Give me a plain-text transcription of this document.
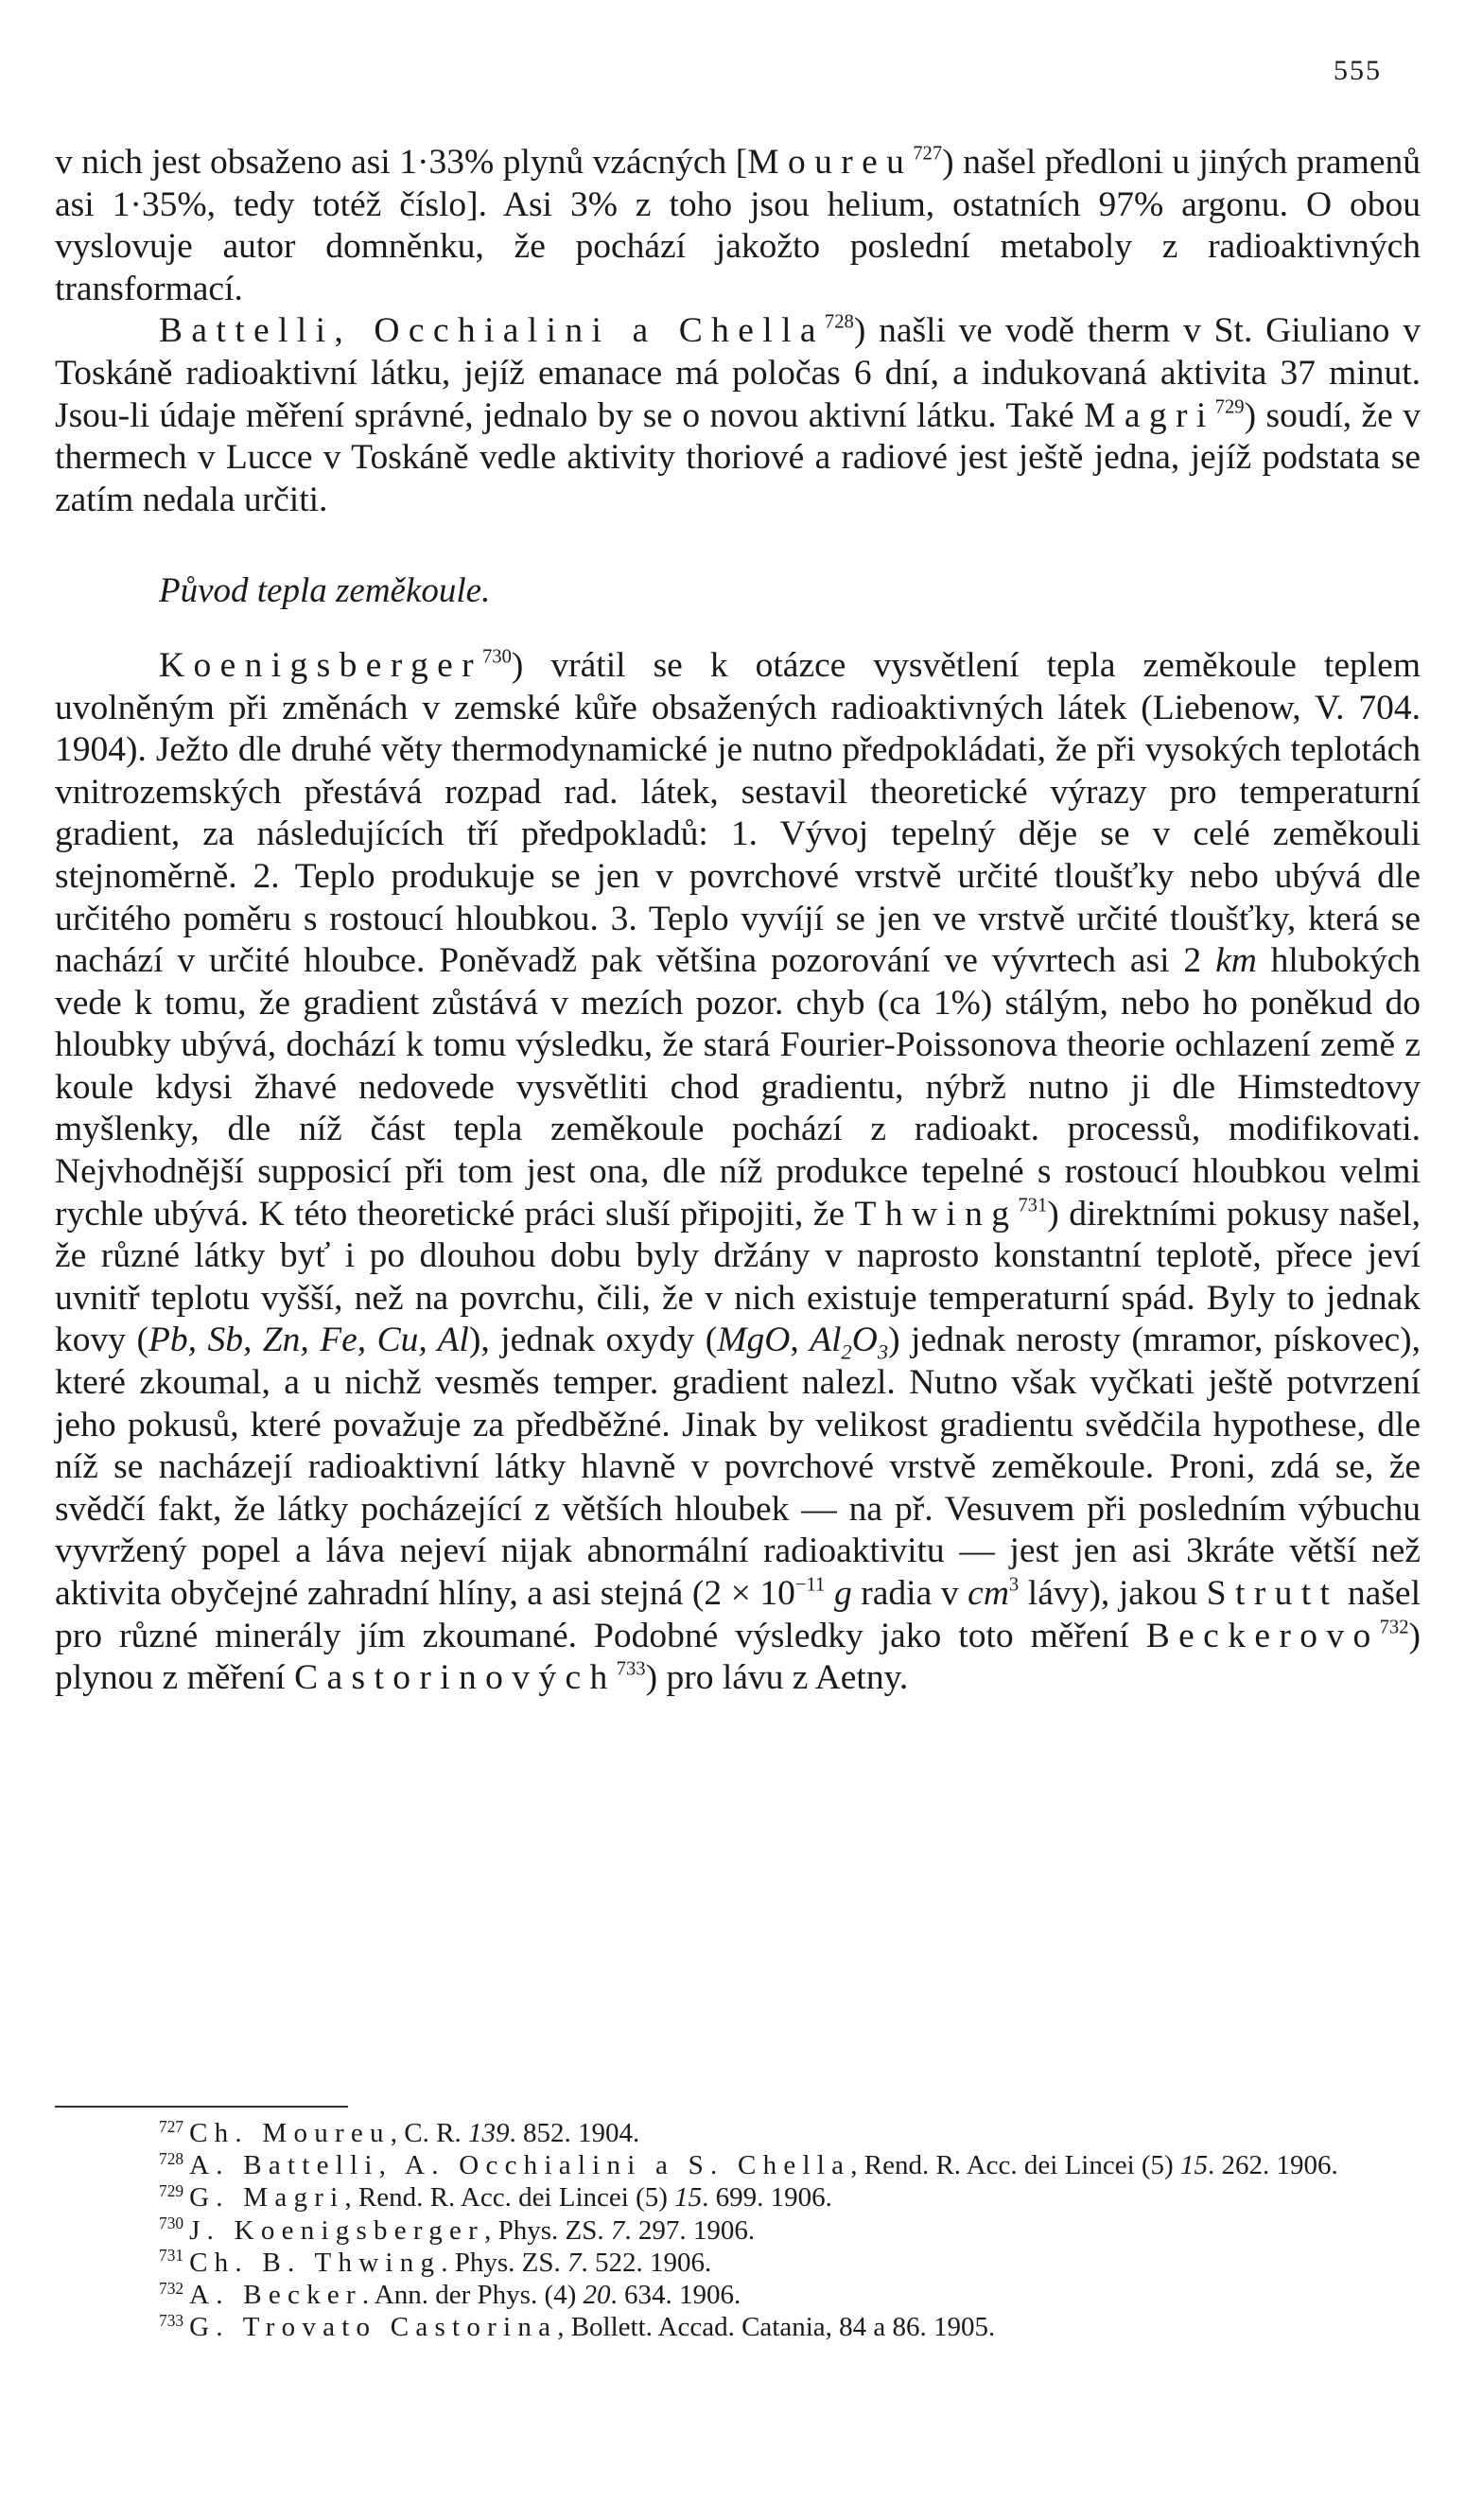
555

v nich jest obsaženo asi 1·33% plynů vzácných [Moureu$^{727}$) našel předloni u jiných pramenů asi 1·35%, tedy totéž číslo]. Asi 3% z toho jsou helium, ostatních 97% argonu. O obou vyslovuje autor domněnku, že pochází jakožto poslední metaboly z radioaktivných transformací.

Battelli, Occhialini a Chella$^{728}$) našli ve vodě therm v St. Giuliano v Toskáně radioaktivní látku, jejíž emanace má poločas 6 dní, a indukovaná aktivita 37 minut. Jsou-li údaje měření správné, jednalo by se o novou aktivní látku. Také Magri$^{729}$) soudí, že v thermech v Lucce v Toskáně vedle aktivity thoriové a radiové jest ještě jedna, jejíž podstata se zatím nedala určiti.

Původ tepla zeměkoule.

Koenigsberger$^{730}$) vrátil se k otázce vysvětlení tepla zeměkoule teplem uvolněným při změnách v zemské kůře obsažených radioaktivných látek (Liebenow, V. 704. 1904). Ježto dle druhé věty thermodynamické je nutno předpokládati, že při vysokých teplotách vnitrozemských přestává rozpad rad. látek, sestavil theoretické výrazy pro temperaturní gradient, za následujících tří předpokladů: 1. Vývoj tepelný děje se v celé zeměkouli stejnoměrně. 2. Teplo produkuje se jen v povrchové vrstvě určité tloušťky nebo ubývá dle určitého poměru s rostoucí hloubkou. 3. Teplo vyvíjí se jen ve vrstvě určité tloušťky, která se nachází v určité hloubce. Poněvadž pak většina pozorování ve vývrtech asi 2 km hlubokých vede k tomu, že gradient zůstává v mezích pozor. chyb (ca 1%) stálým, nebo ho poněkud do hloubky ubývá, dochází k tomu výsledku, že stará Fourier-Poissonova theorie ochlazení země z koule kdysi žhavé nedovede vysvětliti chod gradientu, nýbrž nutno ji dle Himstedtovy myšlenky, dle níž část tepla zeměkoule pochází z radioakt. processů, modifikovati. Nejvhodnější supposicí při tom jest ona, dle níž produkce tepelné s rostoucí hloubkou velmi rychle ubývá. K této theoretické práci sluší připojiti, že Thwing$^{731}$) direktními pokusy našel, že různé látky byť i po dlouhou dobu byly držány v naprosto konstantní teplotě, přece jeví uvnitř teplotu vyšší, než na povrchu, čili, že v nich existuje temperaturní spád. Byly to jednak kovy (Pb, Sb, Zn, Fe, Cu, Al), jednak oxydy (MgO, $Al_2O_3$) jednak nerosty (mramor, pískovec), které zkoumal, a u nichž vesměs temper. gradient nalezl. Nutno však vyčkati ještě potvrzení jeho pokusů, které považuje za předběžné. Jinak by velikost gradientu svědčila hypothese, dle níž se nacházejí radioaktivní látky hlavně v povrchové vrstvě zeměkoule. Proni, zdá se, že svědčí fakt, že látky pocházející z větších hloubek — na př. Vesuvem při posledním výbuchu vyvržený popel a láva nejeví nijak abnormální radioaktivitu — jest jen asi 3kráte větší než aktivita obyčejné zahradní hlíny, a asi stejná ($2 \times 10^{-11}$ g radia v $cm^3$ lávy), jakou Strutt našel pro různé minerály jím zkoumané. Podobné výsledky jako toto měření Beckerovo$^{732}$) plynou z měření Castorinových$^{733}$) pro lávu z Aetny.

$^{727}$ Ch. Moureu, C. R. 139. 852. 1904.

$^{728}$ A. Battelli, A. Occhialini a S. Chella, Rend. R. Acc. dei Lincei (5) 15. 262. 1906.

$^{729}$ G. Magri, Rend. R. Acc. dei Lincei (5) 15. 699. 1906.

$^{730}$ J. Koenigsberger, Phys. ZS. 7. 297. 1906.

$^{731}$ Ch. B. Thwing. Phys. ZS. 7. 522. 1906.

$^{732}$ A. Becker. Ann. der Phys. (4) 20. 634. 1906.

$^{733}$ G. Trovato Castorina, Bollett. Accad. Catania, 84 a 86. 1905.
